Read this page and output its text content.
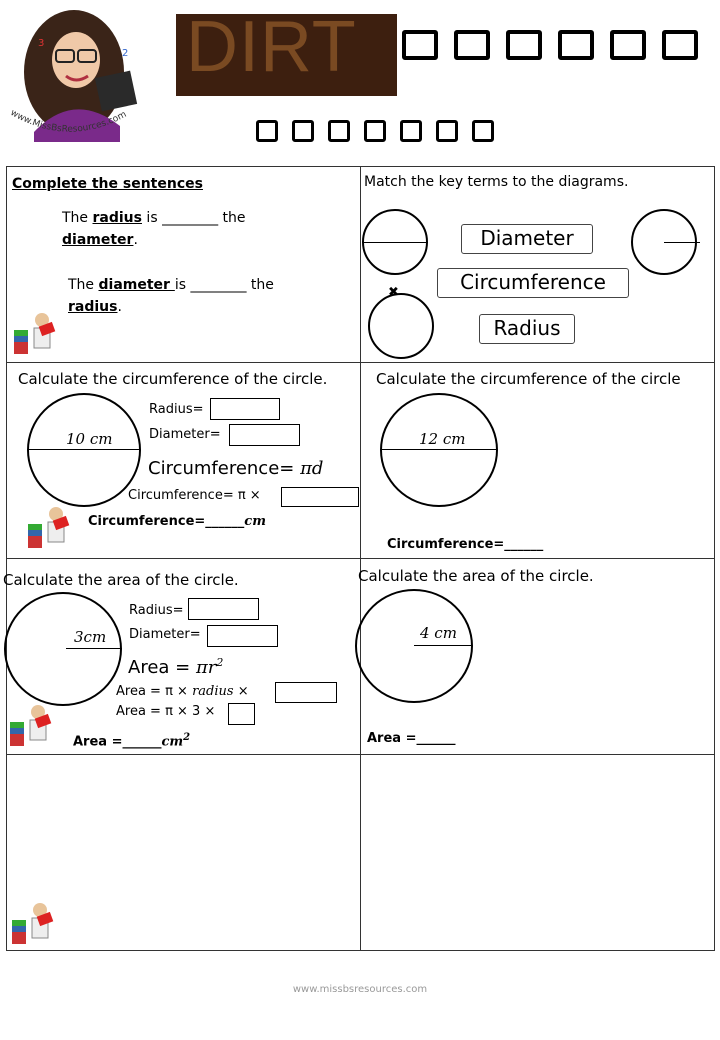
3
2
www.MissBsResources.com
DIRT
Complete the sentences
The radius is ________ the
diameter.
The diameter is ________ the
radius.
Match the key terms to the diagrams.
✖
Diameter
Circumference
Radius
Calculate the circumference of the circle.
10 cm
Radius=
Diameter=
Circumference= πd
Circumference= π ×
Circumference=______cm
Calculate the circumference of the circle
12 cm
Circumference=______
Calculate the area of the circle.
3cm
Radius=
Diameter=
Area = $\pi r^2$
Area = π × radius ×
Area = π × 3 ×
Area $=\_\_\_\_\_\_cm^2$
Calculate the area of the circle.
4 cm
Area =______
www.missbsresources.com
